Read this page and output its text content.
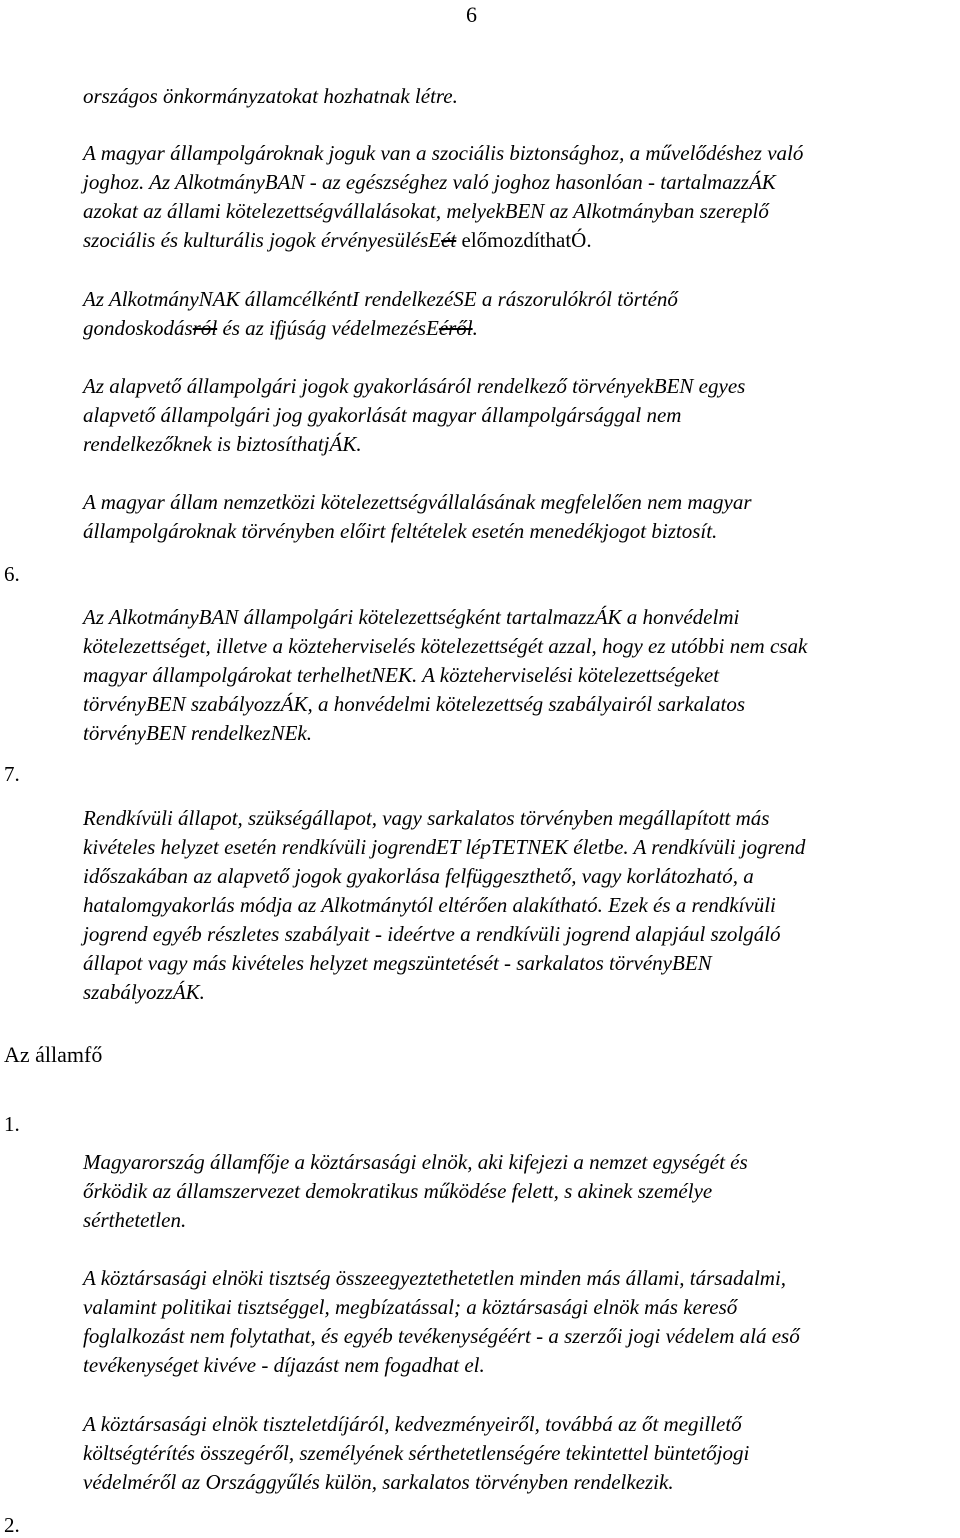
6
6.
7.
Az államfő
1.
2.
országos önkormányzatokat hozhatnak létre.
A magyar állampolgároknak joguk van a szociális biztonsághoz, a művelődéshez való
joghoz. Az AlkotmányBAN - az egészséghez való joghoz hasonlóan - tartalmazzÁK
azokat az állami kötelezettségvállalásokat, melyekBEN az Alkotmányban szereplő
szociális és kulturális jogok érvényesülésEét előmozdíthatÓ.
Az AlkotmányNAK államcélkéntI rendelkezéSE a rászorulókról történő
gondoskodásról és az ifjúság védelmezésEéről.
Az alapvető állampolgári jogok gyakorlásáról rendelkező törvényekBEN egyes
alapvető állampolgári jog gyakorlását magyar állampolgársággal nem
rendelkezőknek is biztosíthatjÁK.
A magyar állam nemzetközi kötelezettségvállalásának megfelelően nem magyar
állampolgároknak törvényben előirt feltételek esetén menedékjogot biztosít.
Az AlkotmányBAN állampolgári kötelezettségként tartalmazzÁK a honvédelmi
kötelezettséget, illetve a közteherviselés kötelezettségét azzal, hogy ez utóbbi nem csak
magyar állampolgárokat terhelhetNEK. A közteherviselési kötelezettségeket
törvényBEN szabályozzÁK, a honvédelmi kötelezettség szabályairól sarkalatos
törvényBEN rendelkezNEk.
Rendkívüli állapot, szükségállapot, vagy sarkalatos törvényben megállapított más
kivételes helyzet esetén rendkívüli jogrendET lépTETNEK életbe. A rendkívüli jogrend
időszakában az alapvető jogok gyakorlása felfüggeszthető, vagy korlátozható, a
hatalomgyakorlás módja az Alkotmánytól eltérően alakítható. Ezek és a rendkívüli
jogrend egyéb részletes szabályait - ideértve a rendkívüli jogrend alapjául szolgáló
állapot vagy más kivételes helyzet megszüntetését - sarkalatos törvényBEN
szabályozzÁK.
Magyarország államfője a köztársasági elnök, aki kifejezi a nemzet egységét és
őrködik az államszervezet demokratikus működése felett, s akinek személye
sérthetetlen.
A köztársasági elnöki tisztség összeegyeztethetetlen minden más állami, társadalmi,
valamint politikai tisztséggel, megbízatással; a köztársasági elnök más kereső
foglalkozást nem folytathat, és egyéb tevékenységéért - a szerzői jogi védelem alá eső
tevékenységet kivéve - díjazást nem fogadhat el.
A köztársasági elnök tiszteletdíjáról, kedvezményeiről, továbbá az őt megillető
költségtérítés összegéről, személyének sérthetetlenségére tekintettel büntetőjogi
védelméről az Országgyűlés külön, sarkalatos törvényben rendelkezik.
